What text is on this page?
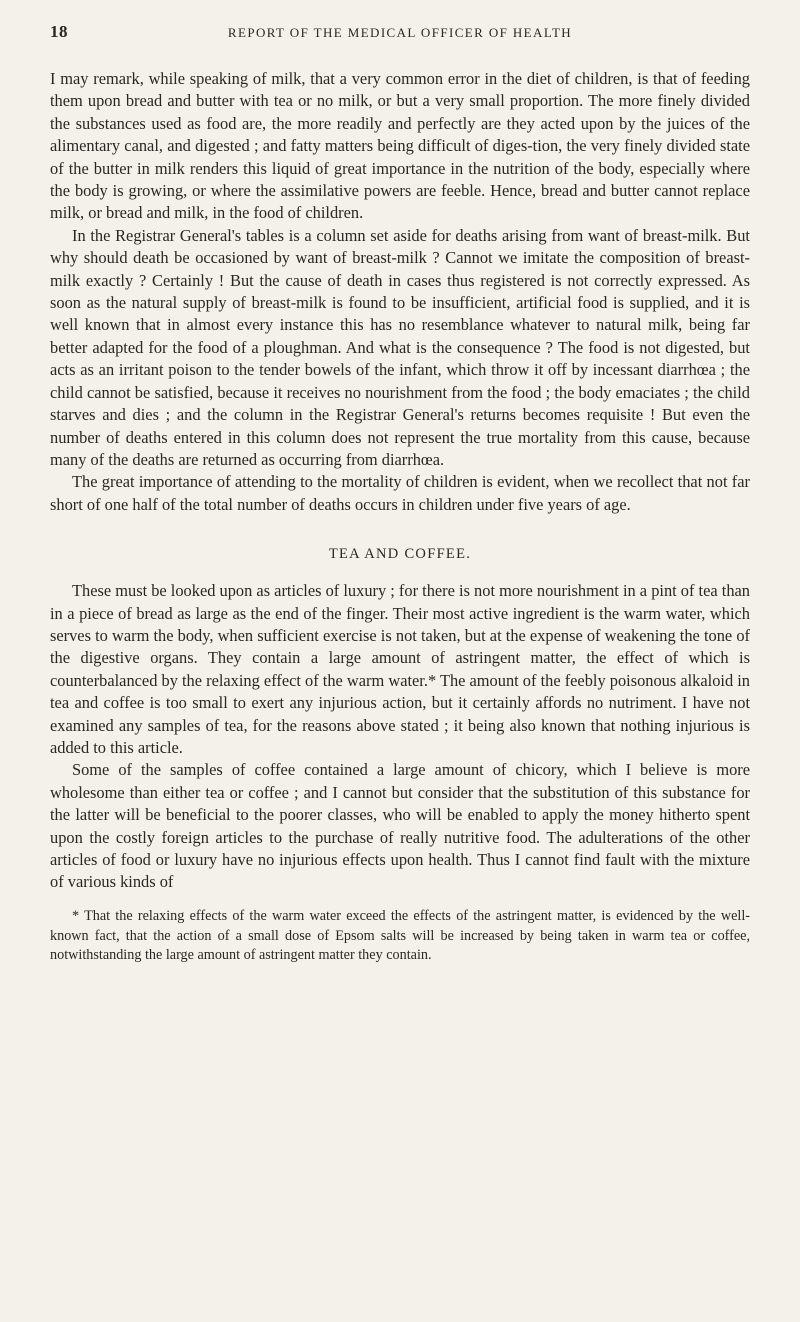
18	REPORT OF THE MEDICAL OFFICER OF HEALTH

I may remark, while speaking of milk, that a very common error in the diet of children, is that of feeding them upon bread and butter with tea or no milk, or but a very small proportion. The more finely divided the substances used as food are, the more readily and perfectly are they acted upon by the juices of the alimentary canal, and digested ; and fatty matters being difficult of diges-tion, the very finely divided state of the butter in milk renders this liquid of great importance in the nutrition of the body, especially where the body is growing, or where the assimilative powers are feeble. Hence, bread and butter cannot replace milk, or bread and milk, in the food of children.

In the Registrar General's tables is a column set aside for deaths arising from want of breast-milk. But why should death be occasioned by want of breast-milk ? Cannot we imitate the composition of breast-milk exactly ? Certainly ! But the cause of death in cases thus registered is not correctly expressed. As soon as the natural supply of breast-milk is found to be insufficient, artificial food is supplied, and it is well known that in almost every instance this has no resemblance whatever to natural milk, being far better adapted for the food of a ploughman. And what is the consequence ? The food is not digested, but acts as an irritant poison to the tender bowels of the infant, which throw it off by incessant diarrhœa ; the child cannot be satisfied, because it receives no nourishment from the food ; the body emaciates ; the child starves and dies ; and the column in the Registrar General's returns becomes requisite ! But even the number of deaths entered in this column does not represent the true mortality from this cause, because many of the deaths are returned as occurring from diarrhœa.

The great importance of attending to the mortality of children is evident, when we recollect that not far short of one half of the total number of deaths occurs in children under five years of age.

TEA AND COFFEE.

These must be looked upon as articles of luxury ; for there is not more nourishment in a pint of tea than in a piece of bread as large as the end of the finger. Their most active ingredient is the warm water, which serves to warm the body, when sufficient exercise is not taken, but at the expense of weakening the tone of the digestive organs. They contain a large amount of astringent matter, the effect of which is counterbalanced by the relaxing effect of the warm water.* The amount of the feebly poisonous alkaloid in tea and coffee is too small to exert any injurious action, but it certainly affords no nutriment. I have not examined any samples of tea, for the reasons above stated ; it being also known that nothing injurious is added to this article.

Some of the samples of coffee contained a large amount of chicory, which I believe is more wholesome than either tea or coffee ; and I cannot but consider that the substitution of this substance for the latter will be beneficial to the poorer classes, who will be enabled to apply the money hitherto spent upon the costly foreign articles to the purchase of really nutritive food. The adulterations of the other articles of food or luxury have no injurious effects upon health. Thus I cannot find fault with the mixture of various kinds of

* That the relaxing effects of the warm water exceed the effects of the astringent matter, is evidenced by the well-known fact, that the action of a small dose of Epsom salts will be increased by being taken in warm tea or coffee, notwithstanding the large amount of astringent matter they contain.
